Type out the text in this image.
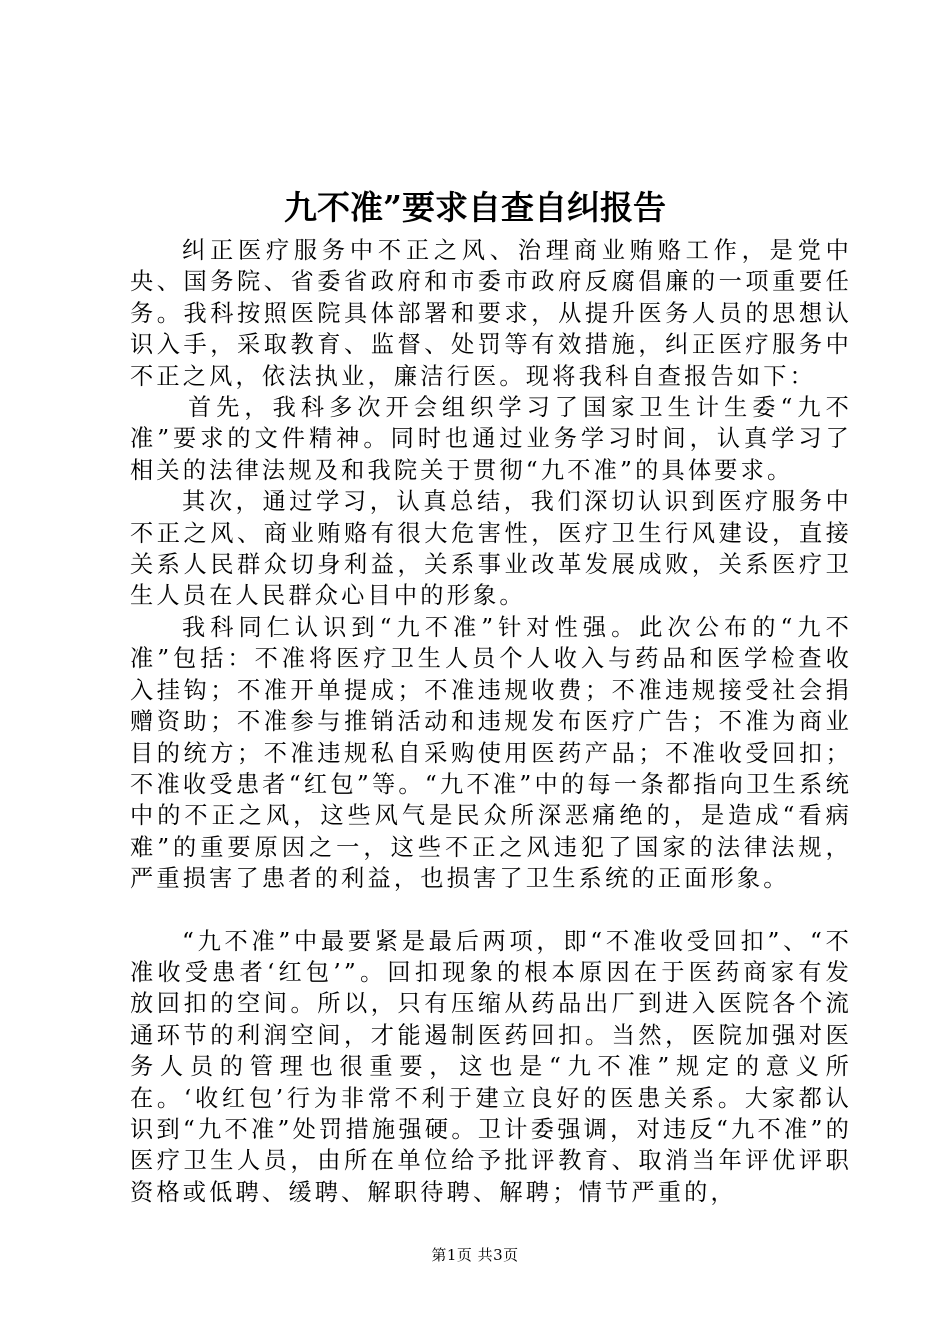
九不准”要求自查自纠报告

纠正医疗服务中不正之风、治理商业贿赂工作，是党中央、国务院、省委省政府和市委市政府反腐倡廉的一项重要任务。我科按照医院具体部署和要求，从提升医务人员的思想认识入手，采取教育、监督、处罚等有效措施，纠正医疗服务中不正之风，依法执业，廉洁行医。现将我科自查报告如下：

首先，我科多次开会组织学习了国家卫生计生委“九不准”要求的文件精神。同时也通过业务学习时间，认真学习了相关的法律法规及和我院关于贯彻“九不准”的具体要求。

其次，通过学习，认真总结，我们深切认识到医疗服务中不正之风、商业贿赂有很大危害性，医疗卫生行风建设，直接关系人民群众切身利益，关系事业改革发展成败，关系医疗卫生人员在人民群众心目中的形象。

我科同仁认识到“九不准”针对性强。此次公布的“九不准”包括：不准将医疗卫生人员个人收入与药品和医学检查收入挂钩；不准开单提成；不准违规收费；不准违规接受社会捐赠资助；不准参与推销活动和违规发布医疗广告；不准为商业目的统方；不准违规私自采购使用医药产品；不准收受回扣；不准收受患者“红包”等。“九不准”中的每一条都指向卫生系统中的不正之风，这些风气是民众所深恶痛绝的，是造成“看病难”的重要原因之一，这些不正之风违犯了国家的法律法规，严重损害了患者的利益，也损害了卫生系统的正面形象。

“九不准”中最要紧是最后两项，即“不准收受回扣”、“不准收受患者‘红包’”。回扣现象的根本原因在于医药商家有发放回扣的空间。所以，只有压缩从药品出厂到进入医院各个流通环节的利润空间，才能遏制医药回扣。当然，医院加强对医务人员的管理也很重要，这也是“九不准”规定的意义所在。‘收红包’行为非常不利于建立良好的医患关系。大家都认识到“九不准”处罚措施强硬。卫计委强调，对违反“九不准”的医疗卫生人员，由所在单位给予批评教育、取消当年评优评职资格或低聘、缓聘、解职待聘、解聘；情节严重的，

第1页 共3页
